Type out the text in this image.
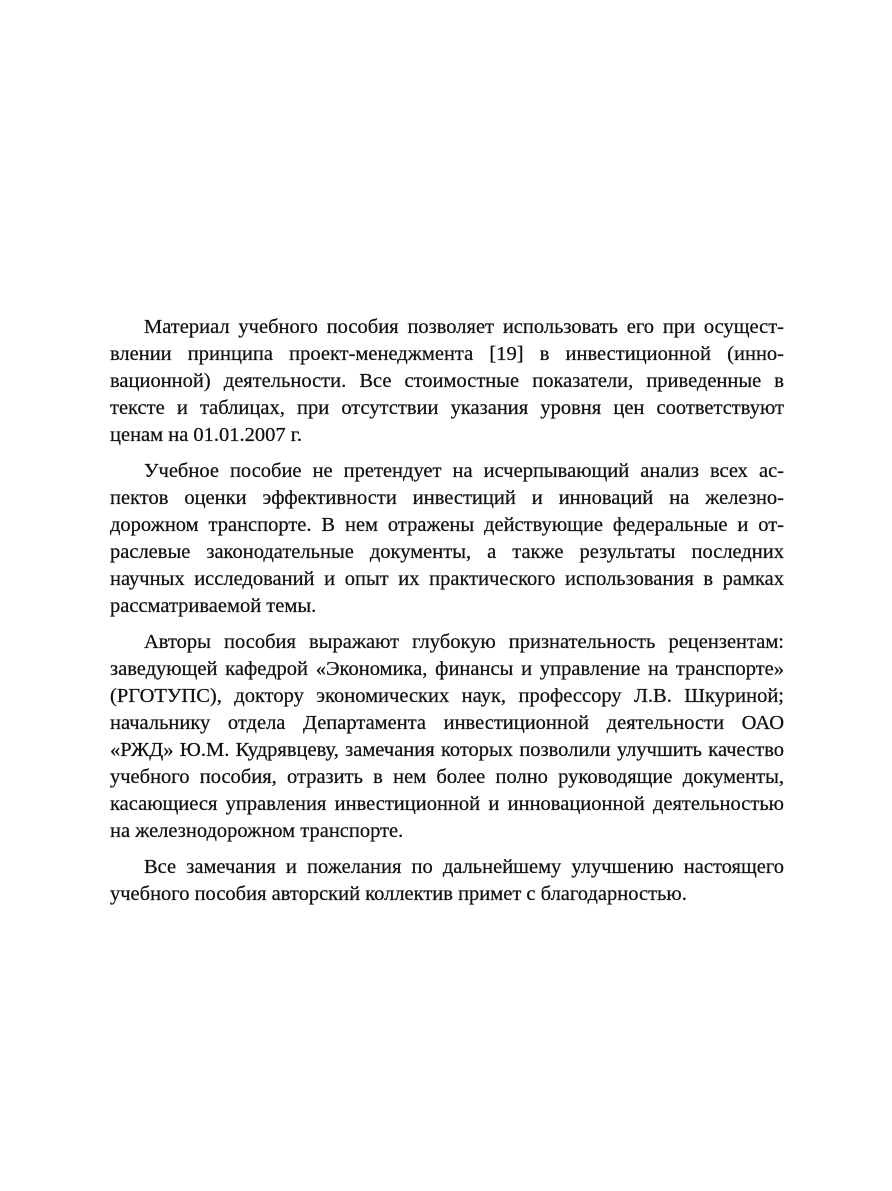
Материал учебного пособия позволяет использовать его при осуществлении принципа проект-менеджмента [19] в инвестиционной (инновационной) деятельности. Все стоимостные показатели, приведенные в тексте и таблицах, при отсутствии указания уровня цен соответствуют ценам на 01.01.2007 г.

Учебное пособие не претендует на исчерпывающий анализ всех аспектов оценки эффективности инвестиций и инноваций на железнодорожном транспорте. В нем отражены действующие федеральные и отраслевые законодательные документы, а также результаты последних научных исследований и опыт их практического использования в рамках рассматриваемой темы.

Авторы пособия выражают глубокую признательность рецензентам: заведующей кафедрой «Экономика, финансы и управление на транспорте» (РГОТУПС), доктору экономических наук, профессору Л.В. Шкуриной; начальнику отдела Департамента инвестиционной деятельности ОАО «РЖД» Ю.М. Кудрявцеву, замечания которых позволили улучшить качество учебного пособия, отразить в нем более полно руководящие документы, касающиеся управления инвестиционной и инновационной деятельностью на железнодорожном транспорте.

Все замечания и пожелания по дальнейшему улучшению настоящего учебного пособия авторский коллектив примет с благодарностью.
